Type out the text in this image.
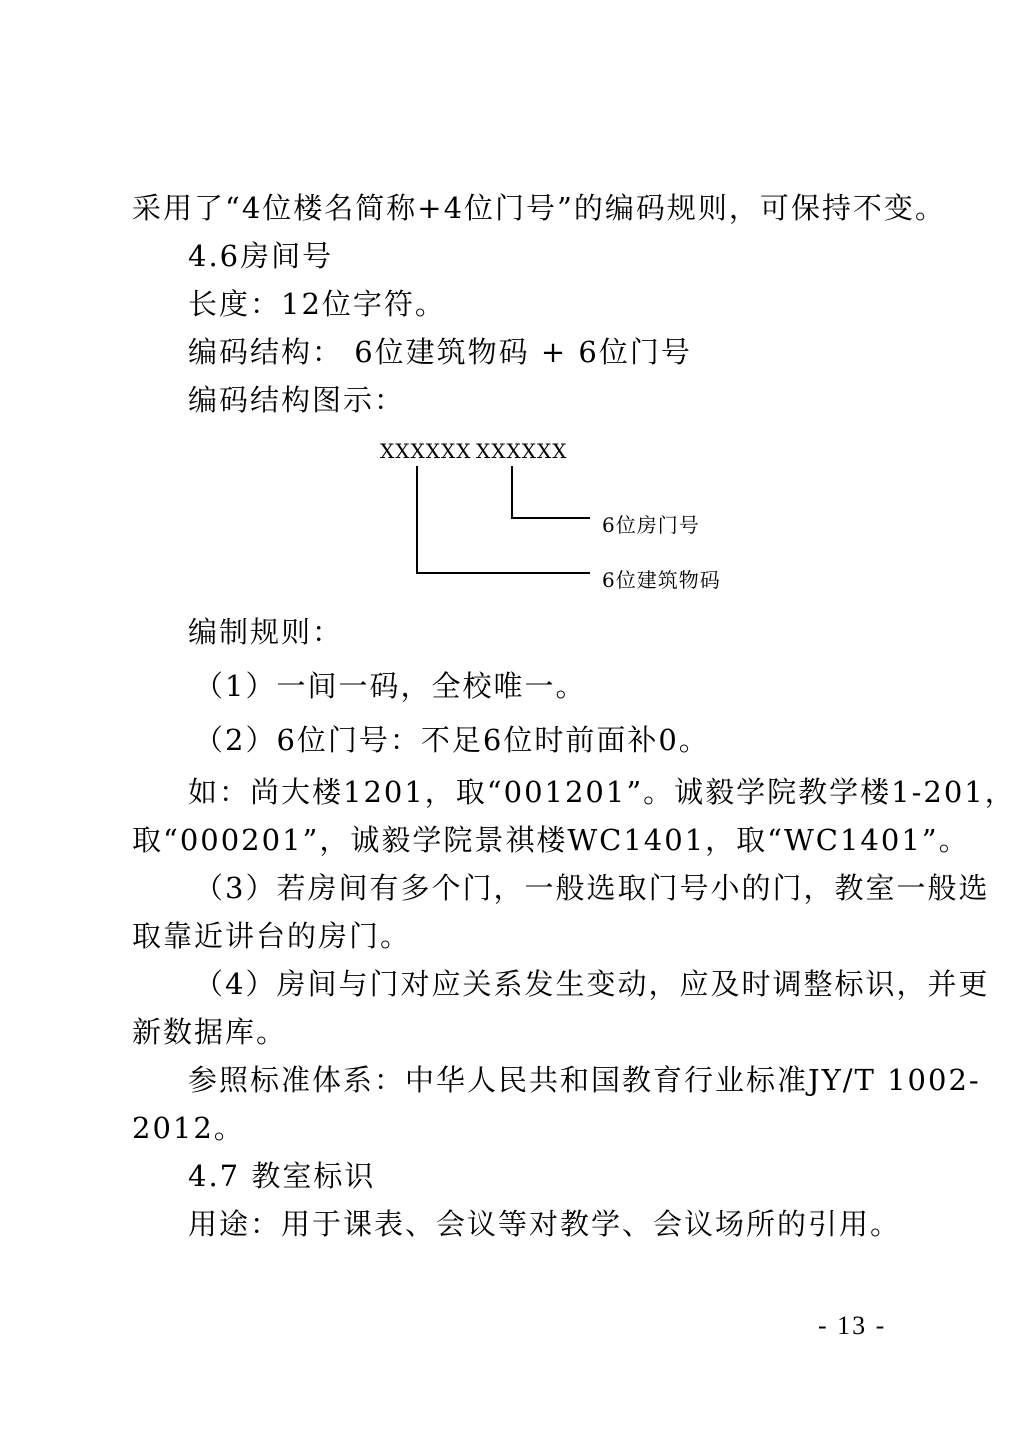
采用了“4位楼名简称+4位门号”的编码规则，可保持不变。

4.6房间号

长度：12位字符。

编码结构： 6位建筑物码 + 6位门号

编码结构图示：

XXXXXX XXXXXX
6位房门号
6位建筑物码

编制规则：

（1）一间一码，全校唯一。

（2）6位门号：不足6位时前面补0。

如：尚大楼1201，取“001201”。诚毅学院教学楼1-201，

取“000201”，诚毅学院景祺楼WC1401，取“WC1401”。

（3）若房间有多个门，一般选取门号小的门，教室一般选

取靠近讲台的房门。

（4）房间与门对应关系发生变动，应及时调整标识，并更

新数据库。

参照标准体系：中华人民共和国教育行业标准JY/T 1002-

2012。

4.7 教室标识

用途：用于课表、会议等对教学、会议场所的引用。

- 13 -
